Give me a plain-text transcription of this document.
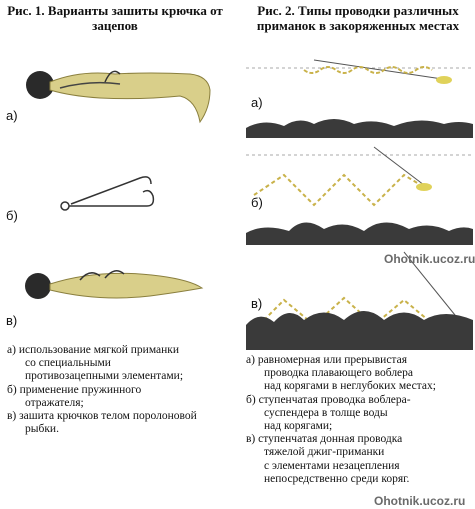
Рис. 1. Варианты зашиты крючка от зацепов
Рис. 2. Типы проводки различных приманок в закоряженных местах
а)
б)
в)

а) использование мягкой приманки

со специальными

противозацепными элементами;

б) применение пружинного

отражателя;

в) зашита крючков телом поролоновой

рыбки.

а)
б)
в)

а) равномерная или прерывистая

проводка плавающего воблера

над корягами в неглубоких местах;

б) ступенчатая проводка воблера-

суспендера в толще воды

над корягами;

в) ступенчатая донная проводка

тяжелой джиг-приманки

с элементами незацепления

непосредственно среди коряг.

Ohotnik.ucoz.ru
Ohotnik.ucoz.ru
